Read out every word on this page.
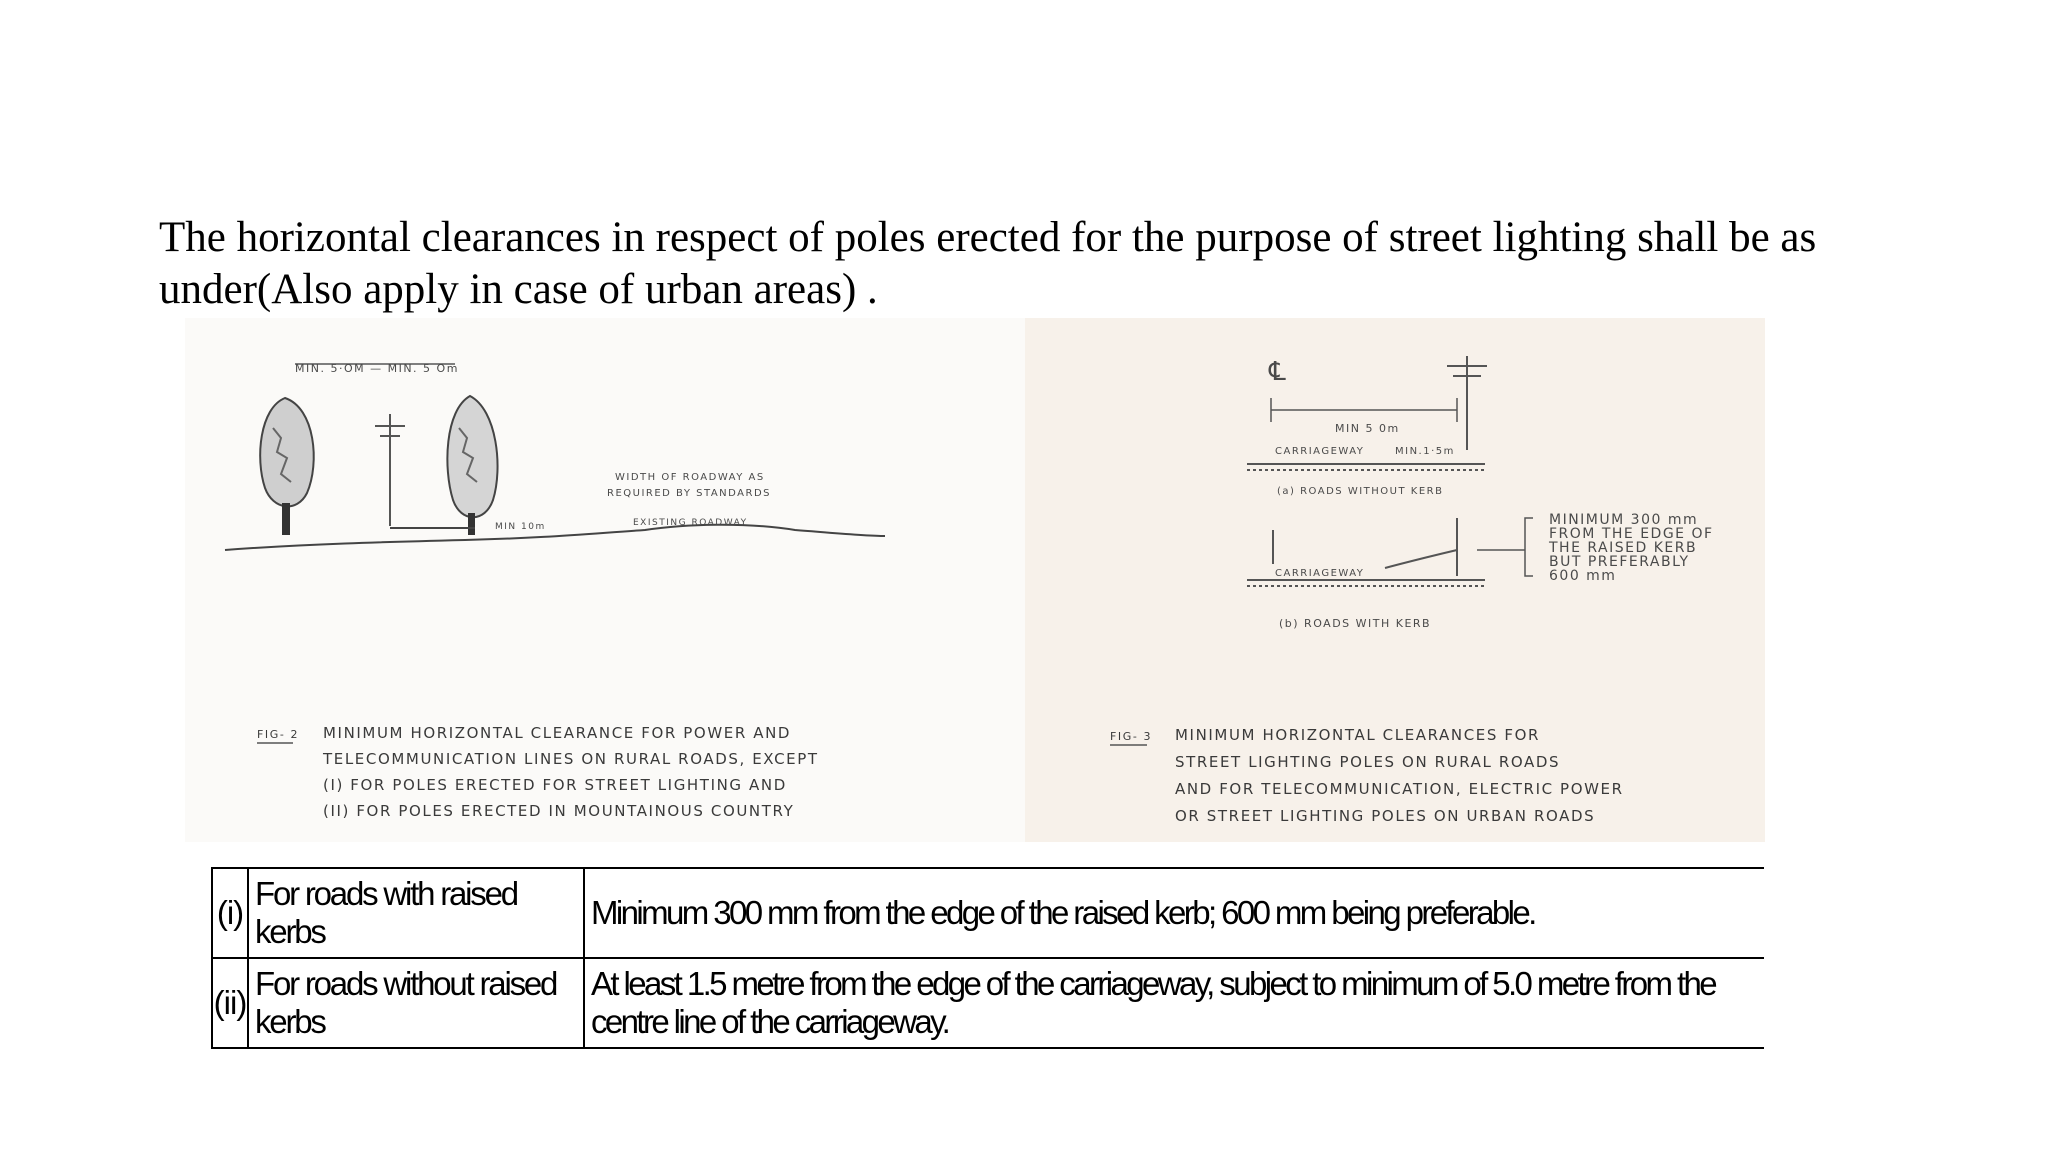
The horizontal clearances in respect of poles erected for the purpose of street lighting shall be as under(Also apply in case of urban areas) .

MIN. 5·OM — MIN. 5 Om
WIDTH OF ROADWAY AS
REQUIRED BY STANDARDS
MIN 10m	EXISTING ROADWAY
FIG- 2 MINIMUM HORIZONTAL CLEARANCE FOR POWER AND
TELECOMMUNICATION LINES ON RURAL ROADS, EXCEPT
(I) FOR POLES ERECTED FOR STREET LIGHTING AND
(II) FOR POLES ERECTED IN MOUNTAINOUS COUNTRY
℄
MIN 5 0m
CARRIAGEWAY	MIN.1·5m
(a) ROADS WITHOUT KERB
CARRIAGEWAY
(b) ROADS WITH KERB
MINIMUM 300 mm
FROM THE EDGE OF
THE RAISED KERB
BUT PREFERABLY
600 mm
FIG- 3 MINIMUM HORIZONTAL CLEARANCES FOR
STREET LIGHTING POLES ON RURAL ROADS
AND FOR TELECOMMUNICATION, ELECTRIC POWER
OR STREET LIGHTING POLES ON URBAN ROADS
(i)	For roads with raised kerbs	Minimum 300 mm from the edge of the raised kerb; 600 mm being preferable.
(ii)	For roads without raised kerbs	At least 1.5 metre from the edge of the carriageway, subject to minimum of 5.0 metre from the centre line of the carriageway.
